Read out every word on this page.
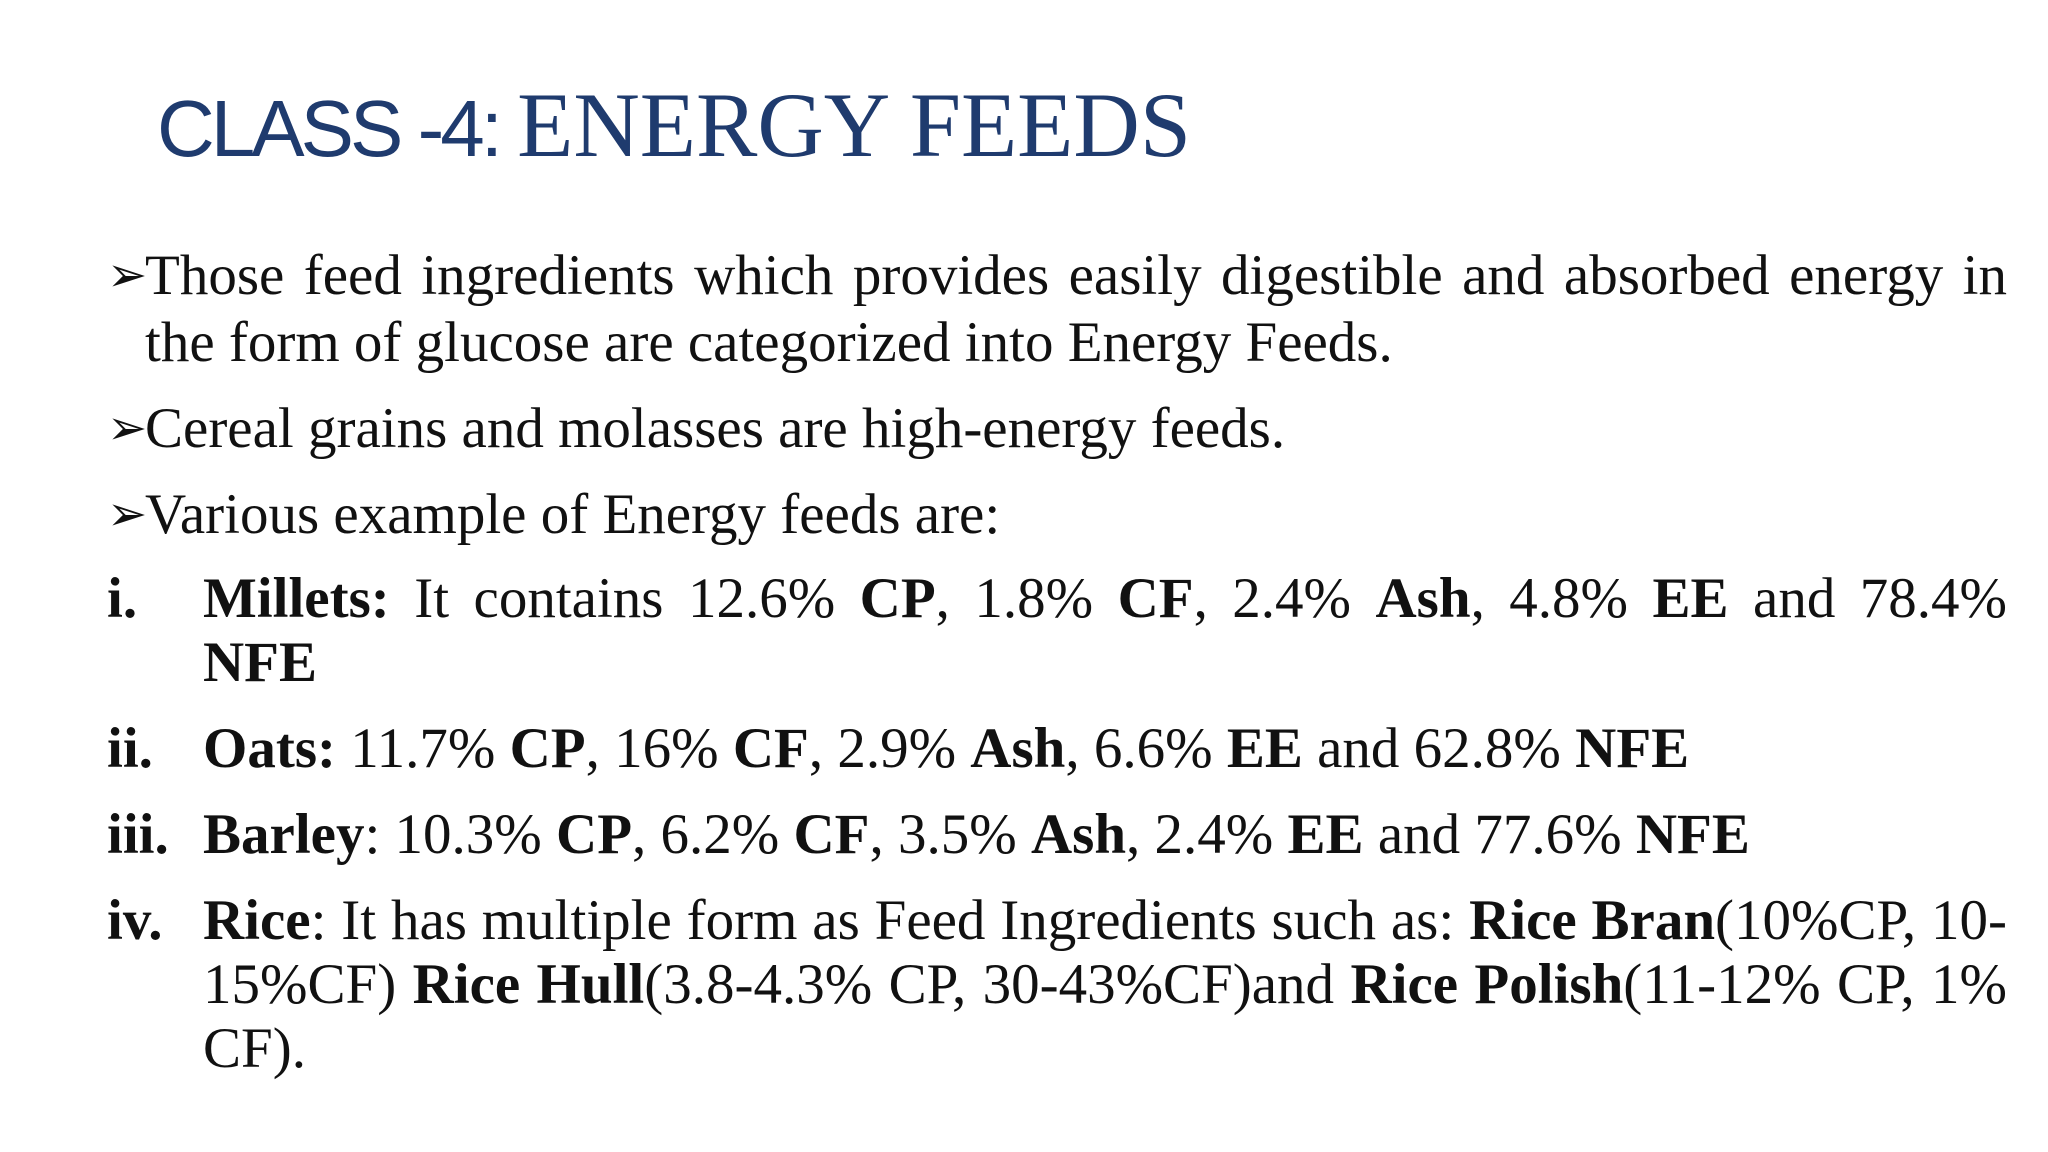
CLASS -4: ENERGY FEEDS
➢
Those feed ingredients which provides easily digestible and absorbed energy in the form of glucose are categorized into Energy Feeds.
➢
Cereal grains and molasses are high-energy feeds.
➢
Various example of Energy feeds are:
i. Millets: It contains 12.6% CP, 1.8% CF, 2.4% Ash, 4.8% EE and 78.4% NFE
ii. Oats: 11.7% CP, 16% CF, 2.9% Ash, 6.6% EE and 62.8% NFE
iii. Barley: 10.3% CP, 6.2% CF, 3.5% Ash, 2.4% EE and 77.6% NFE
iv. Rice: It has multiple form as Feed Ingredients such as: Rice Bran(10%CP, 10-15%CF) Rice Hull(3.8-4.3% CP, 30-43%CF)and Rice Polish(11-12% CP, 1% CF).
